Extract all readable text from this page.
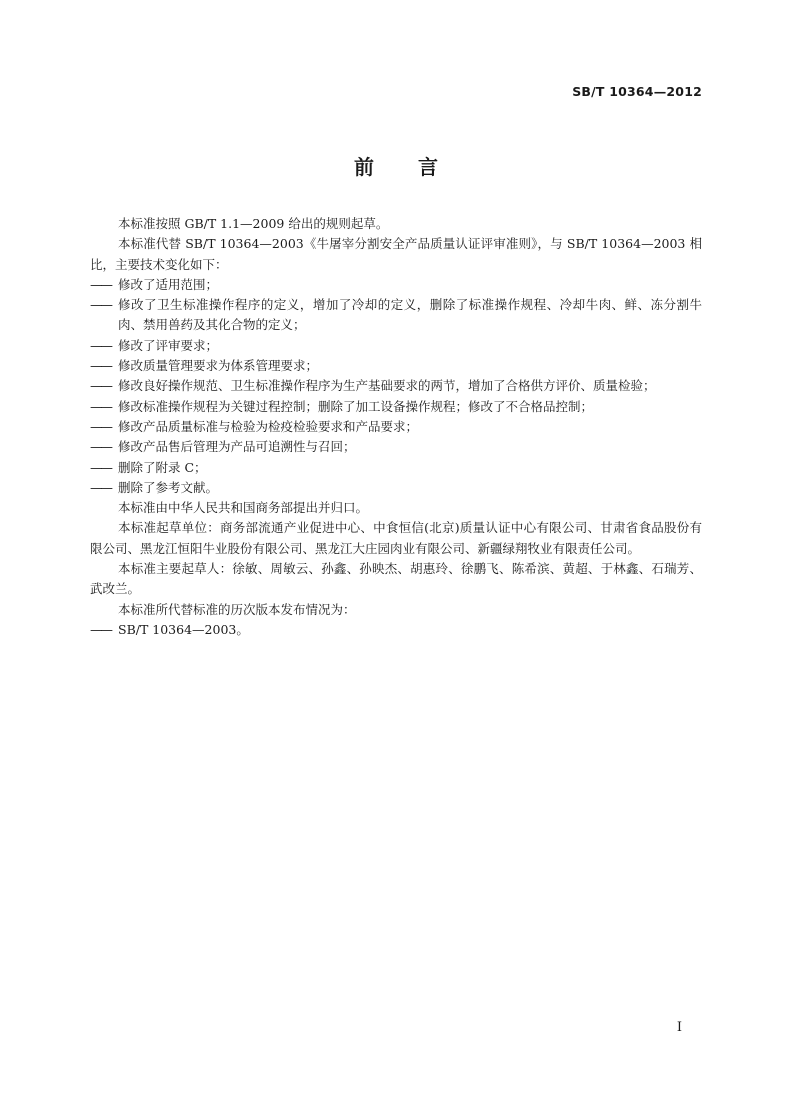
SB/T 10364—2012
前言

本标准按照 GB/T 1.1—2009 给出的规则起草。

本标准代替 SB/T 10364—2003《牛屠宰分割安全产品质量认证评审准则》，与 SB/T 10364—2003 相比，主要技术变化如下：

—— 修改了适用范围；
—— 修改了卫生标准操作程序的定义，增加了冷却的定义，删除了标准操作规程、冷却牛肉、鲜、冻分割牛肉、禁用兽药及其化合物的定义；
—— 修改了评审要求；
—— 修改质量管理要求为体系管理要求；
—— 修改良好操作规范、卫生标准操作程序为生产基础要求的两节，增加了合格供方评价、质量检验；
—— 修改标准操作规程为关键过程控制；删除了加工设备操作规程；修改了不合格品控制；
—— 修改产品质量标准与检验为检疫检验要求和产品要求；
—— 修改产品售后管理为产品可追溯性与召回；
—— 删除了附录 C；
—— 删除了参考文献。

本标准由中华人民共和国商务部提出并归口。

本标准起草单位：商务部流通产业促进中心、中食恒信(北京)质量认证中心有限公司、甘肃省食品股份有限公司、黑龙江恒阳牛业股份有限公司、黑龙江大庄园肉业有限公司、新疆绿翔牧业有限责任公司。

本标准主要起草人：徐敏、周敏云、孙鑫、孙映杰、胡惠玲、徐鹏飞、陈希滨、黄超、于林鑫、石瑞芳、武改兰。

本标准所代替标准的历次版本发布情况为：

—— SB/T 10364—2003。
I
